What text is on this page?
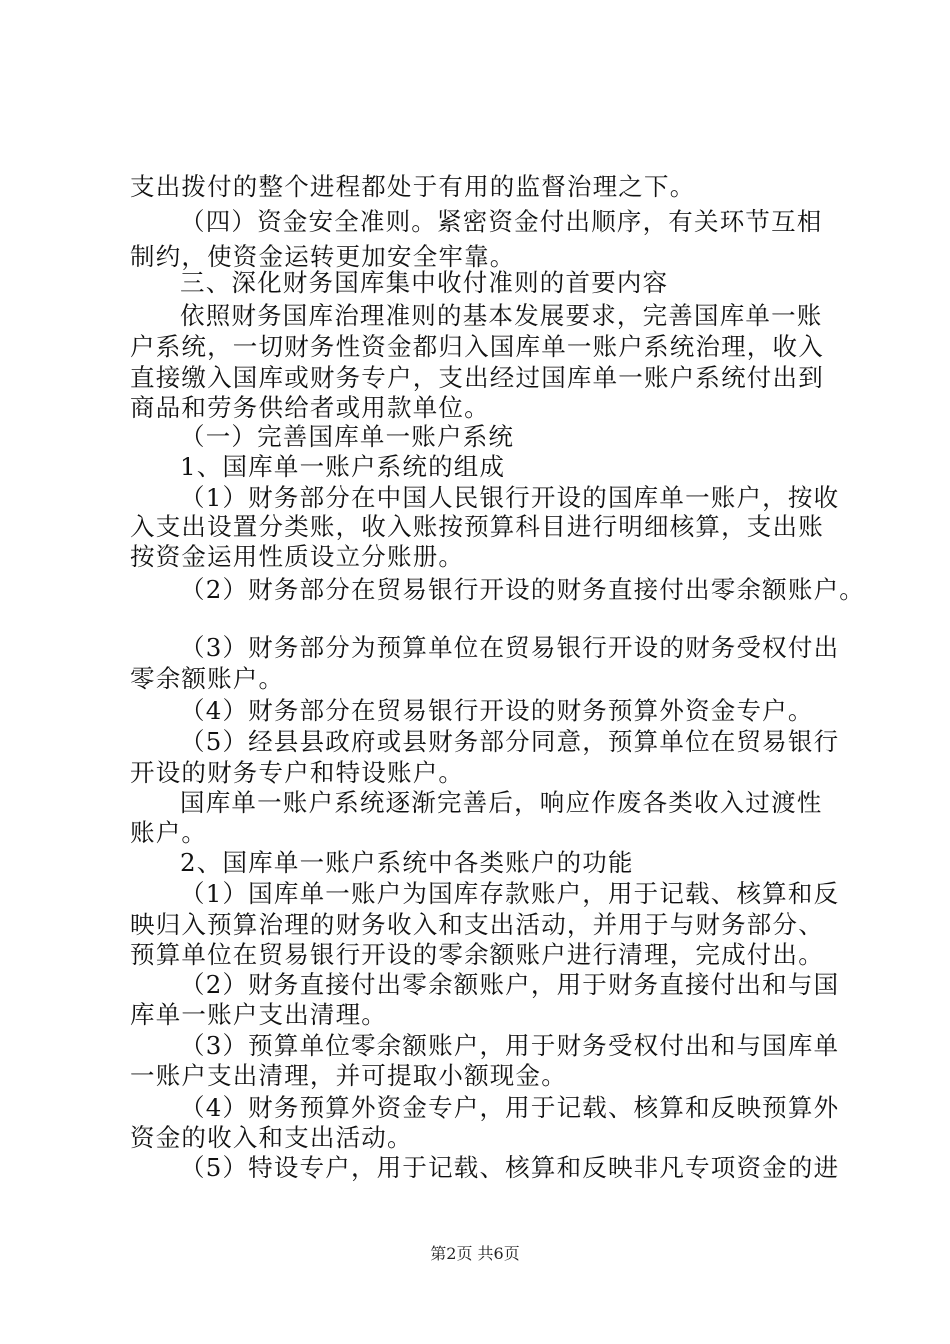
支出拨付的整个进程都处于有用的监督治理之下。
（四）资金安全准则。紧密资金付出顺序，有关环节互相
制约，使资金运转更加安全牢靠。
三、深化财务国库集中收付准则的首要内容
依照财务国库治理准则的基本发展要求，完善国库单一账
户系统，一切财务性资金都归入国库单一账户系统治理，收入
直接缴入国库或财务专户，支出经过国库单一账户系统付出到
商品和劳务供给者或用款单位。
（一）完善国库单一账户系统
1、国库单一账户系统的组成
（1）财务部分在中国人民银行开设的国库单一账户，按收
入支出设置分类账，收入账按预算科目进行明细核算，支出账
按资金运用性质设立分账册。
（2）财务部分在贸易银行开设的财务直接付出零余额账户。
（3）财务部分为预算单位在贸易银行开设的财务受权付出
零余额账户。
（4）财务部分在贸易银行开设的财务预算外资金专户。
（5）经县县政府或县财务部分同意，预算单位在贸易银行
开设的财务专户和特设账户。
国库单一账户系统逐渐完善后，响应作废各类收入过渡性
账户。
2、国库单一账户系统中各类账户的功能
（1）国库单一账户为国库存款账户，用于记载、核算和反
映归入预算治理的财务收入和支出活动，并用于与财务部分、
预算单位在贸易银行开设的零余额账户进行清理，完成付出。
（2）财务直接付出零余额账户，用于财务直接付出和与国
库单一账户支出清理。
（3）预算单位零余额账户，用于财务受权付出和与国库单
一账户支出清理，并可提取小额现金。
（4）财务预算外资金专户，用于记载、核算和反映预算外
资金的收入和支出活动。
（5）特设专户，用于记载、核算和反映非凡专项资金的进
第2页 共6页
